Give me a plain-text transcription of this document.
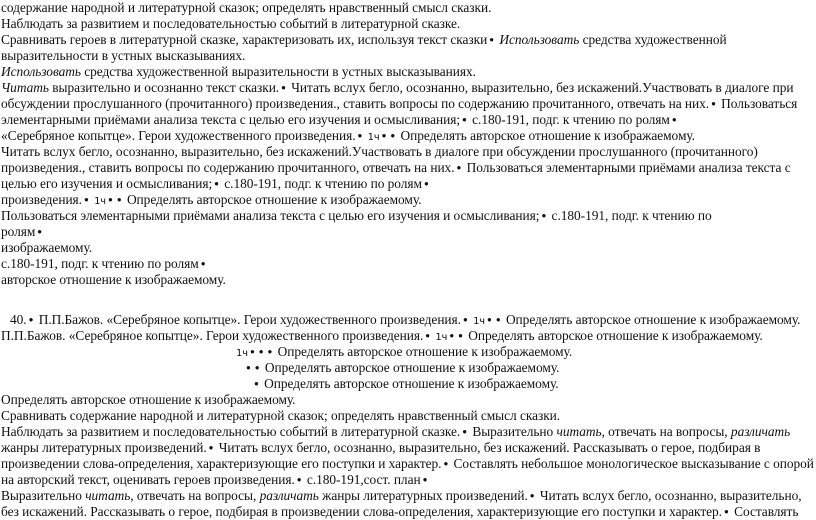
содержание народной и литературной сказок; определять нравственный смысл сказки.
Наблюдать за развитием и последовательностью событий в литературной сказке.
Сравнивать героев в литературной сказке, характеризовать их, используя текст сказки ● Использовать средства художественной
выразительности в устных высказываниях.
Использовать средства художественной выразительности в устных высказываниях.
Читать выразительно и осознанно текст сказки. ● Читать вслух бегло, осознанно, выразительно, без искажений.Участвовать в диалоге при
обсуждении прослушанного (прочитанного) произведения., ставить вопросы по содержанию прочитанного, отвечать на них. ● Пользоваться
элементарными приёмами анализа текста с целью его изучения и осмысливания; ● с.180-191, подг. к чтению по ролям ●
«Серебряное копытце». Герои художественного произведения. ● 1ч ● ● Определять авторское отношение к изображаемому.
Читать вслух бегло, осознанно, выразительно, без искажений.Участвовать в диалоге при обсуждении прослушанного (прочитанного)
произведения., ставить вопросы по содержанию прочитанного, отвечать на них. ● Пользоваться элементарными приёмами анализа текста с
целью его изучения и осмысливания; ● с.180-191, подг. к чтению по ролям ●
произведения. ● 1ч ● ● Определять авторское отношение к изображаемому.
Пользоваться элементарными приёмами анализа текста с целью его изучения и осмысливания; ● с.180-191, подг. к чтению по
ролям ●
изображаемому.
с.180-191, подг. к чтению по ролям ●
авторское отношение к изображаемому.
40. ● П.П.Бажов. «Серебряное копытце». Герои художественного произведения. ● 1ч ● ● Определять авторское отношение к изображаемому.
П.П.Бажов. «Серебряное копытце». Герои художественного произведения. ● 1ч ● ● Определять авторское отношение к изображаемому.
1ч ● ● ● Определять авторское отношение к изображаемому.
● ● Определять авторское отношение к изображаемому.
● Определять авторское отношение к изображаемому.
Определять авторское отношение к изображаемому.
Сравнивать содержание народной и литературной сказок; определять нравственный смысл сказки.
Наблюдать за развитием и последовательностью событий в литературной сказке. ● Выразительно читать, отвечать на вопросы, различать
жанры литературных произведений. ● Читать вслух бегло, осознанно, выразительно, без искажений. Рассказывать о герое, подбирая в
произведении слова-определения, характеризующие его поступки и характер. ● Составлять небольшое монологическое высказывание с опорой
на авторский текст, оценивать героев произведения. ● с.180-191,сост. план ●
Выразительно читать, отвечать на вопросы, различать жанры литературных произведений. ● Читать вслух бегло, осознанно, выразительно,
без искажений. Рассказывать о герое, подбирая в произведении слова-определения, характеризующие его поступки и характер. ● Составлять
